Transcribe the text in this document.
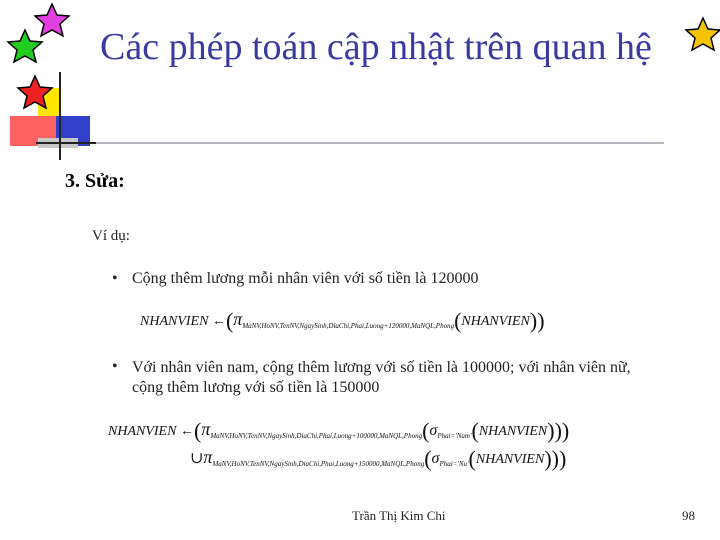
Các phép toán cập nhật trên quan hệ
3. Sửa:
Ví dụ:
• Cộng thêm lương mỗi nhân viên với số tiền là 120000
NHANVIEN $\leftarrow(\pi_{MaNV,HoNV,TenNV,NgaySinh,DiaChi,Phai,Luong+120000,MaNQL,Phong}(NHANVIEN))$
• Với nhân viên nam, cộng thêm lương với số tiền là 100000; với nhân viên nữ, cộng thêm lương với số tiền là 150000
NHANVIEN $\leftarrow(\pi_{MaNV,HoNV,TenNV,NgaySinh,DiaChi,Phai,Luong+100000,MaNQL,Phong}(\sigma_{Phai='Nam'}(NHANVIEN)))$
$\cup\pi_{MaNV,HoNV,TenNV,NgaySinh,DiaChi,Phai,Luong+150000,MaNQL,Phong}(\sigma_{Phai='Nu'}(NHANVIEN))$)
Trần Thị Kim Chi	98
